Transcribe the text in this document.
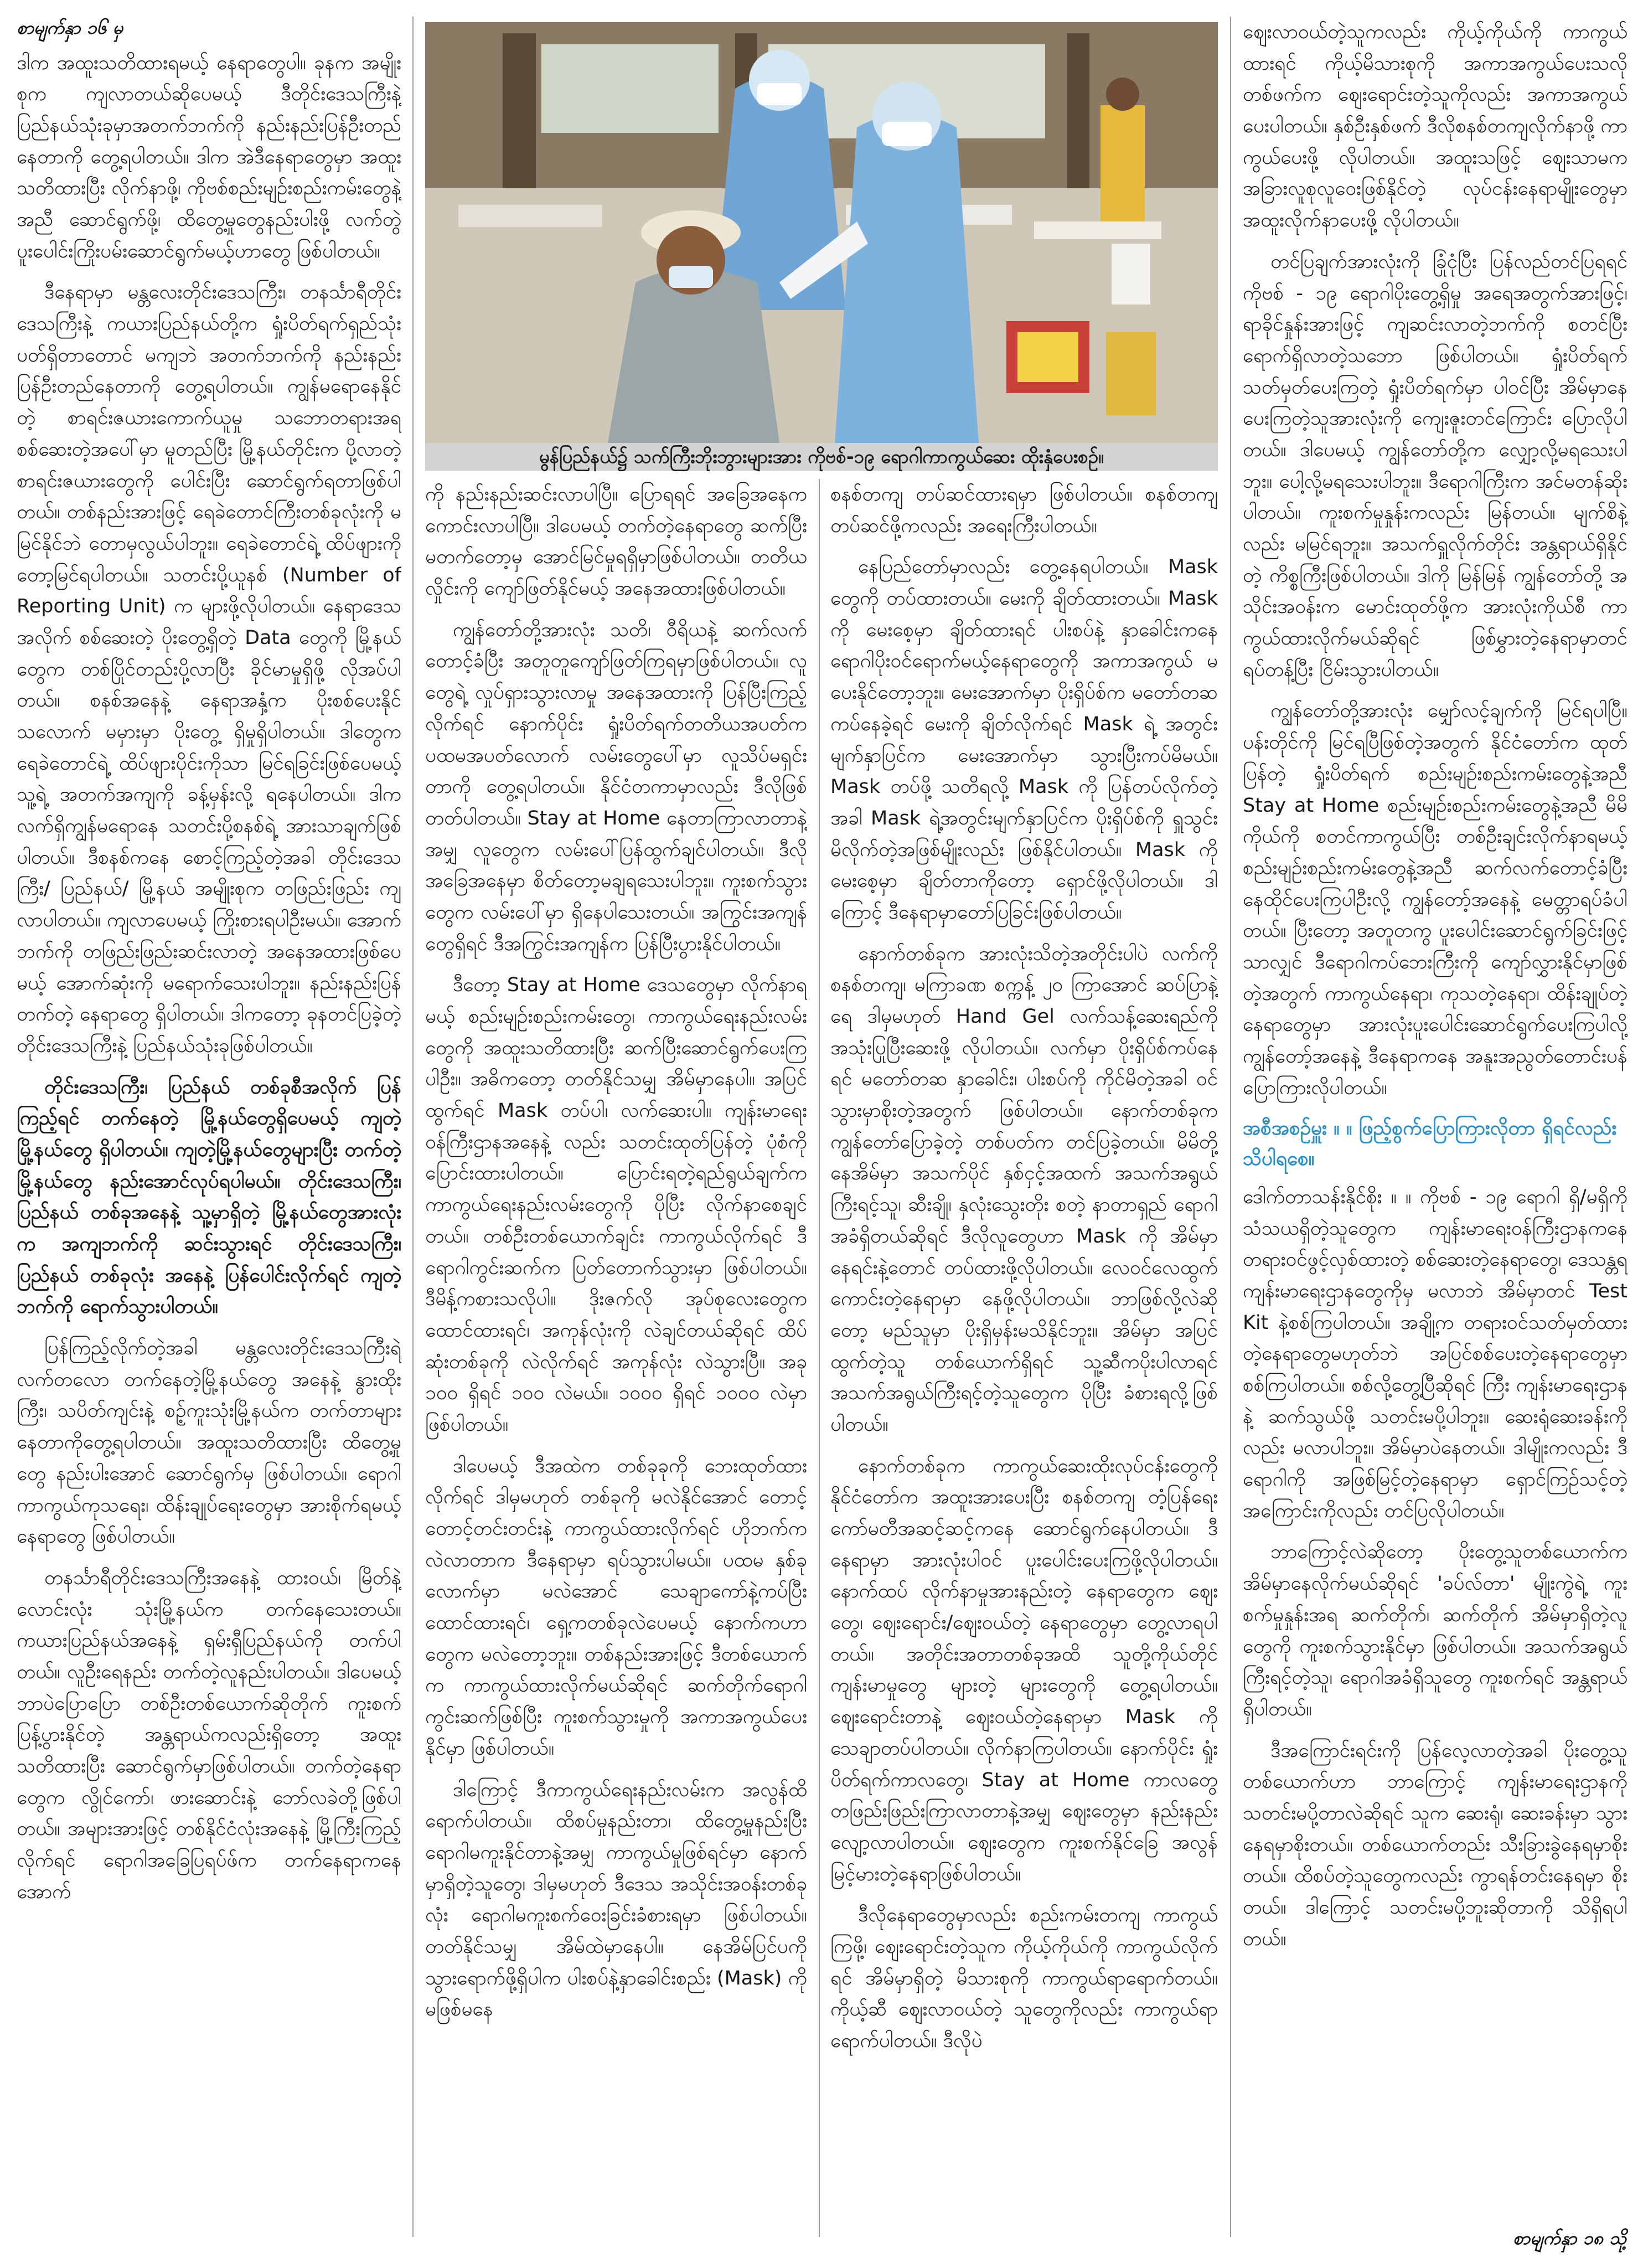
စာမျက်နှာ ၁၆ မှ

ဒါက အထူးသတိထားရမယ့် နေရာတွေပါ။ ခုနက အမျိုးစုက ကျလာတယ်ဆိုပေမယ့် ဒီတိုင်းဒေသကြီးနဲ့ ပြည်နယ်သုံးခုမှာအတက်ဘက်ကို နည်းနည်းပြန်ဦးတည်နေတာကို တွေ့ရပါတယ်။ ဒါက အဲဒီနေရာတွေမှာ အထူးသတိထားပြီး လိုက်နာဖို့၊ ကိုဗစ်စည်းမျဉ်းစည်းကမ်းတွေနဲ့အညီ ဆောင်ရွက်ဖို့၊ ထိတွေ့မှုတွေနည်းပါးဖို့ လက်တွဲပူးပေါင်းကြိုးပမ်းဆောင်ရွက်မယ့်ဟာတွေ ဖြစ်ပါတယ်။

ဒီနေရာမှာ မန္တလေးတိုင်းဒေသကြီး၊ တနင်္သာရီတိုင်းဒေသကြီးနဲ့ ကယားပြည်နယ်တို့က ရှုံးပိတ်ရက်ရှည်သုံးပတ်ရှိတာတောင် မကျဘဲ အတက်ဘက်ကို နည်းနည်းပြန်ဦးတည်နေတာကို တွေ့ရပါတယ်။ ကျွန်မရောနေနိုင်တဲ့ စာရင်းဇယားကောက်ယူမှု သဘောတရားအရ စစ်ဆေးတဲ့အပေါ်မှာ မူတည်ပြီး မြို့နယ်တိုင်းက ပို့လာတဲ့ စာရင်းဇယားတွေကို ပေါင်းပြီး ဆောင်ရွက်ရတာဖြစ်ပါတယ်။ တစ်နည်းအားဖြင့် ရေခဲတောင်ကြီးတစ်ခုလုံးကို မမြင်နိုင်ဘဲ တောမှလွယ်ပါဘူး။ ရေခဲတောင်ရဲ့ ထိပ်ဖျားကို တော့မြင်ရပါတယ်။ သတင်းပို့ယူနစ် (Number of Reporting Unit) က များဖို့လိုပါတယ်။ နေရာဒေသအလိုက် စစ်ဆေးတဲ့ ပိုးတွေ့ရှိတဲ့ Data တွေကို မြို့နယ်တွေက တစ်ပြိုင်တည်းပို့လာပြီး ခိုင်မာမှုရှိဖို့ လိုအပ်ပါတယ်။ စနစ်အနေနဲ့ နေရာအနှံ့က ပိုးစစ်ပေးနိုင်သလောက် မမှားမှာ ပိုးတွေ့ ရှိမှုရှိပါတယ်။ ဒါတွေက ရေခဲတောင်ရဲ့ ထိပ်ဖျားပိုင်းကိုသာ မြင်ရခြင်းဖြစ်ပေမယ့် သူ့ရဲ့ အတက်အကျကို ခန့်မှန်းလို့ ရနေပါတယ်။ ဒါက လက်ရှိကျွန်မရောနေ သတင်းပို့စနစ်ရဲ့ အားသာချက်ဖြစ်ပါတယ်။ ဒီစနစ်ကနေ စောင့်ကြည့်တဲ့အခါ တိုင်းဒေသကြီး/ ပြည်နယ်/ မြို့နယ် အမျိုးစုက တဖြည်းဖြည်း ကျလာပါတယ်။ ကျလာပေမယ့် ကြိုးစားရပါဦးမယ်။ အောက်ဘက်ကို တဖြည်းဖြည်းဆင်းလာတဲ့ အနေအထားဖြစ်ပေမယ့် အောက်ဆုံးကို မရောက်သေးပါဘူး။ နည်းနည်းပြန်တက်တဲ့ နေရာတွေ ရှိပါတယ်။ ဒါကတော့ ခုနတင်ပြခဲ့တဲ့ တိုင်းဒေသကြီးနဲ့ ပြည်နယ်သုံးခုဖြစ်ပါတယ်။

တိုင်းဒေသကြီး၊ ပြည်နယ် တစ်ခုစီအလိုက် ပြန်ကြည့်ရင် တက်နေတဲ့ မြို့နယ်တွေရှိပေမယ့် ကျတဲ့မြို့နယ်တွေ ရှိပါတယ်။ ကျတဲ့မြို့နယ်တွေများပြီး တက်တဲ့မြို့နယ်တွေ နည်းအောင်လုပ်ရပါမယ်။ တိုင်းဒေသကြီး၊ ပြည်နယ် တစ်ခုအနေနဲ့ သူ့မှာရှိတဲ့ မြို့နယ်တွေအားလုံးက အကျဘက်ကို ဆင်းသွားရင် တိုင်းဒေသကြီး၊ ပြည်နယ် တစ်ခုလုံး အနေနဲ့ ပြန်ပေါင်းလိုက်ရင် ကျတဲ့ဘက်ကို ရောက်သွားပါတယ်။

ပြန်ကြည့်လိုက်တဲ့အခါ မန္တလေးတိုင်းဒေသကြီးရဲ့ လက်တလော တက်နေတဲ့မြို့နယ်တွေ အနေနဲ့ နွားထိုးကြီး၊ သပိတ်ကျင်းနဲ့ စဉ့်ကူးသုံးမြို့နယ်က တက်တာများနေတာကိုတွေ့ရပါတယ်။ အထူးသတိထားပြီး ထိတွေ့မှုတွေ နည်းပါးအောင် ဆောင်ရွက်မှ ဖြစ်ပါတယ်။ ရောဂါ ကာကွယ်ကုသရေး၊ ထိန်းချုပ်ရေးတွေမှာ အားစိုက်ရမယ့် နေရာတွေ ဖြစ်ပါတယ်။

တနင်္သာရီတိုင်းဒေသကြီးအနေနဲ့ ထားဝယ်၊ မြိတ်နဲ့ လောင်းလုံး သုံးမြို့နယ်က တက်နေသေးတယ်။ ကယားပြည်နယ်အနေနဲ့ ရှမ်းရှီပြည်နယ်ကို တက်ပါတယ်။ လူဦးရေနည်း တက်တဲ့လူနည်းပါတယ်။ ဒါပေမယ့် ဘာပဲပြောပြော တစ်ဦးတစ်ယောက်ဆိုတိုက် ကူးစက်ပြန့်ပွားနိုင်တဲ့ အန္တရာယ်ကလည်းရှိတော့ အထူးသတိထားပြီး ဆောင်ရွက်မှာဖြစ်ပါတယ်။ တက်တဲ့နေရာတွေက လွိုင်ကော်၊ ဖားဆောင်းနဲ့ ဘော်လခဲတို့ဖြစ်ပါတယ်။ အများအားဖြင့် တစ်နိုင်ငံလုံးအနေနဲ့ မြို့ကြီးကြည့်လိုက်ရင် ရောဂါအခြေပြရပ်ဖ်က တက်နေရာကနေ အောက်

မွန်ပြည်နယ်၌ သက်ကြီးဘိုးဘွားများအား ကိုဗစ်-၁၉ ရောဂါကာကွယ်ဆေး ထိုးနှံပေးစဉ်။

ကို နည်းနည်းဆင်းလာပါပြီ။ ပြောရရင် အခြေအနေက ကောင်းလာပါပြီ။ ဒါပေမယ့် တက်တဲ့နေရာတွေ ဆက်ပြီးမတက်တော့မှ အောင်မြင်မှုရရှိမှာဖြစ်ပါတယ်။ တတိယလှိုင်းကို ကျော်ဖြတ်နိုင်မယ့် အနေအထားဖြစ်ပါတယ်။

ကျွန်တော်တို့အားလုံး သတိ၊ ဝီရိယနဲ့ ဆက်လက်တောင့်ခံပြီး အတူတူကျော်ဖြတ်ကြရမှာဖြစ်ပါတယ်။ လူတွေရဲ့ လှုပ်ရှားသွားလာမှု အနေအထားကို ပြန်ပြီးကြည့်လိုက်ရင် နောက်ပိုင်း ရှုံးပိတ်ရက်တတိယအပတ်က ပထမအပတ်လောက် လမ်းတွေပေါ်မှာ လူသိပ်မရှင်းတာကို တွေ့ရပါတယ်။ နိုင်ငံတကာမှာလည်း ဒီလိုဖြစ်တတ်ပါတယ်။ Stay at Home နေတာကြာလာတာနဲ့အမျှ လူတွေက လမ်းပေါ်ပြန်ထွက်ချင်ပါတယ်။ ဒီလိုအခြေအနေမှာ စိတ်တော့မချရသေးပါဘူး။ ကူးစက်သွားတွေက လမ်းပေါ်မှာ ရှိနေပါသေးတယ်။ အကြွင်းအကျန်တွေရှိရင် ဒီအကြွင်းအကျန်က ပြန်ပြီးပွားနိုင်ပါတယ်။

ဒီတော့ Stay at Home ဒေသတွေမှာ လိုက်နာရမယ့် စည်းမျဉ်းစည်းကမ်းတွေ၊ ကာကွယ်ရေးနည်းလမ်းတွေကို အထူးသတိထားပြီး ဆက်ပြီးဆောင်ရွက်ပေးကြပါဦး။ အဓိကတော့ တတ်နိုင်သမျှ အိမ်မှာနေပါ။ အပြင်ထွက်ရင် Mask တပ်ပါ၊ လက်ဆေးပါ။ ကျန်းမာရေးဝန်ကြီးဌာနအနေနဲ့ လည်း သတင်းထုတ်ပြန်တဲ့ ပုံစံကို ပြောင်းထားပါတယ်။ ပြောင်းရတဲ့ရည်ရွယ်ချက်က ကာကွယ်ရေးနည်းလမ်းတွေကို ပိုပြီး လိုက်နာစေချင်တယ်။ တစ်ဦးတစ်ယောက်ချင်း ကာကွယ်လိုက်ရင် ဒီရောဂါကွင်းဆက်က ပြတ်တောက်သွားမှာ ဖြစ်ပါတယ်။ ဒီမိန့်ကစားသလိုပါ။ ဒိုးဇက်လို အုပ်စုလေးတွေက ထောင်ထားရင်၊ အကုန်လုံးကို လဲချင်တယ်ဆိုရင် ထိပ်ဆုံးတစ်ခုကို လဲလိုက်ရင် အကုန်လုံး လဲသွားပြီ။ အခု ၁၀၀ ရှိရင် ၁၀၀ လဲမယ်။ ၁၀၀၀ ရှိရင် ၁၀၀၀ လဲမှာ ဖြစ်ပါတယ်။

ဒါပေမယ့် ဒီအထဲက တစ်ခုခုကို ဘေးထုတ်ထားလိုက်ရင် ဒါမှမဟုတ် တစ်ခုကို မလဲနိုင်အောင် တောင့်တောင့်တင်းတင်းနဲ့ ကာကွယ်ထားလိုက်ရင် ဟိုဘက်က လဲလာတာက ဒီနေရာမှာ ရပ်သွားပါမယ်။ ပထမ နှစ်ခုလောက်မှာ မလဲအောင် သေချာကော်နဲ့ကပ်ပြီး ထောင်ထားရင်၊ ရှေ့ကတစ်ခုလဲပေမယ့် နောက်ကဟာတွေက မလဲတော့ဘူး။ တစ်နည်းအားဖြင့် ဒီတစ်ယောက်က ကာကွယ်ထားလိုက်မယ်ဆိုရင် ဆက်တိုက်ရောဂါကွင်းဆက်ဖြစ်ပြီး ကူးစက်သွားမှုကို အကာအကွယ်ပေးနိုင်မှာ ဖြစ်ပါတယ်။

ဒါကြောင့် ဒီကာကွယ်ရေးနည်းလမ်းက အလွန်ထိရောက်ပါတယ်။ ထိစပ်မှုနည်းတာ၊ ထိတွေ့မှုနည်းပြီး ရောဂါမကူးနိုင်တာနဲ့အမျှ ကာကွယ်မှုဖြစ်ရင်မှာ နောက်မှာရှိတဲ့သူတွေ၊ ဒါမှမဟုတ် ဒီဒေသ အသိုင်းအဝန်းတစ်ခုလုံး ရောဂါမကူးစက်ဝေးခြင်းခံစားရမှာ ဖြစ်ပါတယ်။ တတ်နိုင်သမျှ အိမ်ထဲမှာနေပါ။ နေအိမ်ပြင်ပကို သွားရောက်ဖို့ရှိပါက ပါးစပ်နဲ့နှာခေါင်းစည်း (Mask) ကို မဖြစ်မနေ

စနစ်တကျ တပ်ဆင်ထားရမှာ ဖြစ်ပါတယ်။ စနစ်တကျ တပ်ဆင်ဖို့ကလည်း အရေးကြီးပါတယ်။

နေပြည်တော်မှာလည်း တွေ့နေရပါတယ်။ Mask တွေကို တပ်ထားတယ်။ မေးကို ချိတ်ထားတယ်။ Mask ကို မေးစေ့မှာ ချိတ်ထားရင် ပါးစပ်နဲ့ နှာခေါင်းကနေ ရောဂါပိုးဝင်ရောက်မယ့်နေရာတွေကို အကာအကွယ် မပေးနိုင်တော့ဘူး။ မေးအောက်မှာ ပိုးရှိပ်စ်က မတော်တဆကပ်နေခဲ့ရင် မေးကို ချိတ်လိုက်ရင် Mask ရဲ့ အတွင်းမျက်နှာပြင်က မေးအောက်မှာ သွားပြီးကပ်မိမယ်။ Mask တပ်ဖို့ သတိရလို့ Mask ကို ပြန်တပ်လိုက်တဲ့အခါ Mask ရဲ့အတွင်းမျက်နှာပြင်က ပိုးရှိပ်စ်ကို ရှူသွင်းမိလိုက်တဲ့အဖြစ်မျိုးလည်း ဖြစ်နိုင်ပါတယ်။ Mask ကို မေးစေ့မှာ ချိတ်တာကိုတော့ ရှောင်ဖို့လိုပါတယ်။ ဒါကြောင့် ဒီနေရာမှာတော်ပြခြင်းဖြစ်ပါတယ်။

နောက်တစ်ခုက အားလုံးသိတဲ့အတိုင်းပါပဲ လက်ကိုစနစ်တကျ၊ မကြာခဏ စက္ကန့် ၂၀ ကြာအောင် ဆပ်ပြာနဲ့ရေ ဒါမှမဟုတ် Hand Gel လက်သန့်ဆေးရည်ကို အသုံးပြုပြီးဆေးဖို့ လိုပါတယ်။ လက်မှာ ပိုးရှိပ်စ်ကပ်နေရင် မတော်တဆ နှာခေါင်း၊ ပါးစပ်ကို ကိုင်မိတဲ့အခါ ဝင်သွားမှာစိုးတဲ့အတွက် ဖြစ်ပါတယ်။ နောက်တစ်ခုက ကျွန်တော်ပြောခဲ့တဲ့ တစ်ပတ်က တင်ပြခဲ့တယ်။ မိမိတို့နေအိမ်မှာ အသက်ပိုင် နှစ်ငှင့်အထက် အသက်အရွယ်ကြီးရင့်သူ၊ ဆီးချို၊ နှလုံးသွေးတိုး စတဲ့ နာတာရှည် ရောဂါအခံရှိတယ်ဆိုရင် ဒီလိုလူတွေဟာ Mask ကို အိမ်မှာ နေရင်းနဲ့တောင် တပ်ထားဖို့လိုပါတယ်။ လေဝင်လေထွက်ကောင်းတဲ့နေရာမှာ နေဖို့လိုပါတယ်။ ဘာဖြစ်လို့လဲဆိုတော့ မည်သူမှာ ပိုးရှိမှန်းမသိနိုင်ဘူး။ အိမ်မှာ အပြင်ထွက်တဲ့သူ တစ်ယောက်ရှိရင် သူ့ဆီကပိုးပါလာရင် အသက်အရွယ်ကြီးရင့်တဲ့သူတွေက ပိုပြီး ခံစားရလို့ဖြစ်ပါတယ်။

နောက်တစ်ခုက ကာကွယ်ဆေးထိုးလုပ်ငန်းတွေကို နိုင်ငံတော်က အထူးအားပေးပြီး စနစ်တကျ တံ့ပြန်ရေးကော်မတီအဆင့်ဆင့်ကနေ ဆောင်ရွက်နေပါတယ်။ ဒီနေရာမှာ အားလုံးပါဝင် ပူးပေါင်းပေးကြဖို့လိုပါတယ်။ နောက်ထပ် လိုက်နာမှုအားနည်းတဲ့ နေရာတွေက ဈေးတွေ၊ ဈေးရောင်း/ဈေးဝယ်တဲ့ နေရာတွေမှာ တွေ့လာရပါတယ်။ အတိုင်းအတာတစ်ခုအထိ သူတို့ကိုယ်တိုင် ကျန်းမာမှုတွေ များတဲ့ များတွေကို တွေ့ရပါတယ်။ ဈေးရောင်းတာနဲ့ ဈေးဝယ်တဲ့နေရာမှာ Mask ကို သေချာတပ်ပါတယ်။ လိုက်နာကြပါတယ်။ နောက်ပိုင်း ရှုံးပိတ်ရက်ကာလတွေ၊ Stay at Home ကာလတွေ တဖြည်းဖြည်းကြာလာတာနဲ့အမျှ ဈေးတွေမှာ နည်းနည်းလျော့လာပါတယ်။ ဈေးတွေက ကူးစက်နိုင်ခြေ အလွန်မြင့်မားတဲ့နေရာဖြစ်ပါတယ်။

ဒီလိုနေရာတွေမှာလည်း စည်းကမ်းတကျ ကာကွယ်ကြဖို့၊ ဈေးရောင်းတဲ့သူက ကိုယ့်ကိုယ်ကို ကာကွယ်လိုက်ရင် အိမ်မှာရှိတဲ့ မိသားစုကို ကာကွယ်ရာရောက်တယ်။ ကိုယ့်ဆီ ဈေးလာဝယ်တဲ့ သူတွေကိုလည်း ကာကွယ်ရာရောက်ပါတယ်။ ဒီလိုပဲ

ဈေးလာဝယ်တဲ့သူကလည်း ကိုယ့်ကိုယ်ကို ကာကွယ်ထားရင် ကိုယ့်မိသားစုကို အကာအကွယ်ပေးသလို တစ်ဖက်က ဈေးရောင်းတဲ့သူကိုလည်း အကာအကွယ် ပေးပါတယ်။ နှစ်ဦးနှစ်ဖက် ဒီလိုစနစ်တကျလိုက်နာဖို့ ကာကွယ်ပေးဖို့ လိုပါတယ်။ အထူးသဖြင့် ဈေးသာမက အခြားလူစုလူဝေးဖြစ်နိုင်တဲ့ လုပ်ငန်းနေရာမျိုးတွေမှာ အထူးလိုက်နာပေးဖို့ လိုပါတယ်။

တင်ပြချက်အားလုံးကို ခြုံငုံပြီး ပြန်လည်တင်ပြရရင် ကိုဗစ် - ၁၉ ရောဂါပိုးတွေ့ရှိမှု အရေအတွက်အားဖြင့်၊ ရာခိုင်နှုန်းအားဖြင့် ကျဆင်းလာတဲ့ဘက်ကို စတင်ပြီး ရောက်ရှိလာတဲ့သဘော ဖြစ်ပါတယ်။ ရှုံးပိတ်ရက် သတ်မှတ်ပေးကြတဲ့ ရှုံးပိတ်ရက်မှာ ပါဝင်ပြီး အိမ်မှာနေပေးကြတဲ့သူအားလုံးကို ကျေးဇူးတင်ကြောင်း ပြောလိုပါတယ်။ ဒါပေမယ့် ကျွန်တော်တို့က လျှော့လို့မရသေးပါဘူး။ ပေါ့လို့မရသေးပါဘူး။ ဒီရောဂါကြီးက အင်မတန်ဆိုးပါတယ်။ ကူးစက်မှုနှုန်းကလည်း မြန်တယ်။ မျက်စိနဲ့လည်း မမြင်ရဘူး။ အသက်ရှူလိုက်တိုင်း အန္တရာယ်ရှိနိုင်တဲ့ ကိစ္စကြီးဖြစ်ပါတယ်။ ဒါကို မြန်မြန် ကျွန်တော်တို့ အသိုင်းအဝန်းက မောင်းထုတ်ဖို့က အားလုံးကိုယ်စီ ကာကွယ်ထားလိုက်မယ်ဆိုရင် ဖြစ်မွှားတဲ့နေရာမှာတင် ရပ်တန့်ပြီး ငြိမ်းသွားပါတယ်။

ကျွန်တော်တို့အားလုံး မျှော်လင့်ချက်ကို မြင်ရပါပြီ။ ပန်းတိုင်ကို မြင်ရပြီဖြစ်တဲ့အတွက် နိုင်ငံတော်က ထုတ်ပြန်တဲ့ ရှုံးပိတ်ရက် စည်းမျဉ်းစည်းကမ်းတွေနဲ့အညီ Stay at Home စည်းမျဉ်းစည်းကမ်းတွေနဲ့အညီ မိမိကိုယ်ကို စတင်ကာကွယ်ပြီး တစ်ဦးချင်းလိုက်နာရမယ့် စည်းမျဉ်းစည်းကမ်းတွေနဲ့အညီ ဆက်လက်တောင့်ခံပြီး နေထိုင်ပေးကြပါဦးလို့ ကျွန်တော့်အနေနဲ့ မေတ္တာရပ်ခံပါတယ်။ ပြီးတော့ အတူတကွ ပူးပေါင်းဆောင်ရွက်ခြင်းဖြင့်သာလျှင် ဒီရောဂါကပ်ဘေးကြီးကို ကျော်လွှားနိုင်မှာဖြစ်တဲ့အတွက် ကာကွယ်နေရာ၊ ကုသတဲ့နေရာ၊ ထိန်းချုပ်တဲ့နေရာတွေမှာ အားလုံးပူးပေါင်းဆောင်ရွက်ပေးကြပါလို့ ကျွန်တော့်အနေနဲ့ ဒီနေရာကနေ အနူးအညွတ်တောင်းပန်ပြောကြားလိုပါတယ်။

အစီအစဉ်မှူး ။ ။ ဖြည့်စွက်ပြောကြားလိုတာ ရှိရင်လည်း သိပါရစေ။

ဒေါက်တာသန်းနိုင်စိုး ။ ။ ကိုဗစ် - ၁၉ ရောဂါ ရှိ/မရှိကို သံသယရှိတဲ့သူတွေက ကျန်းမာရေးဝန်ကြီးဌာနကနေ တရားဝင်ဖွင့်လှစ်ထားတဲ့ စစ်ဆေးတဲ့နေရာတွေ၊ ဒေသန္တရ ကျန်းမာရေးဌာနတွေကိုမှ မလာဘဲ အိမ်မှာတင် Test Kit နဲ့စစ်ကြပါတယ်။ အချို့က တရားဝင်သတ်မှတ်ထားတဲ့နေရာတွေမဟုတ်ဘဲ အပြင်စစ်ပေးတဲ့နေရာတွေမှာ စစ်ကြပါတယ်။ စစ်လို့တွေ့ပြီဆိုရင် ကြီး ကျန်းမာရေးဌာနနဲ့ ဆက်သွယ်ဖို့ သတင်းမပို့ပါဘူး။ ဆေးရုံဆေးခန်းကိုလည်း မလာပါဘူး။ အိမ်မှာပဲနေတယ်။ ဒါမျိုးကလည်း ဒီရောဂါကို အဖြစ်မြင့်တဲ့နေရာမှာ ရှောင်ကြဉ်သင့်တဲ့ အကြောင်းကိုလည်း တင်ပြလိုပါတယ်။

ဘာကြောင့်လဲဆိုတော့ ပိုးတွေ့သူတစ်ယောက်က အိမ်မှာနေလိုက်မယ်ဆိုရင် 'ခပ်လ်တာ' မျိုးကွဲရဲ့ ကူးစက်မှုနှုန်းအရ ဆက်တိုက်၊ ဆက်တိုက် အိမ်မှာရှိတဲ့လူတွေကို ကူးစက်သွားနိုင်မှာ ဖြစ်ပါတယ်။ အသက်အရွယ်ကြီးရင့်တဲ့သူ၊ ရောဂါအခံရှိသူတွေ ကူးစက်ရင် အန္တရာယ်ရှိပါတယ်။

ဒီအကြောင်းရင်းကို ပြန်လေ့လာတဲ့အခါ ပိုးတွေ့သူတစ်ယောက်ဟာ ဘာကြောင့် ကျန်းမာရေးဌာနကို သတင်းမပို့တာလဲဆိုရင် သူက ဆေးရုံ၊ ဆေးခန်းမှာ သွားနေရမှာစိုးတယ်။ တစ်ယောက်တည်း သီးခြားခွဲနေရမှာစိုးတယ်။ ထိစပ်တဲ့သူတွေကလည်း ကွာရန်တင်းနေရမှာ စိုးတယ်။ ဒါကြောင့် သတင်းမပို့ဘူးဆိုတာကို သိရှိရပါတယ်။

စာမျက်နှာ ၁၈ သို့
